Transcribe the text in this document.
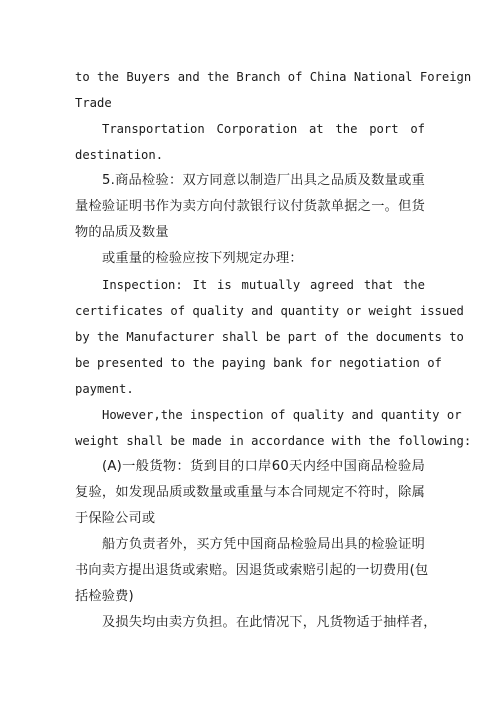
to the Buyers and the Branch of China National Foreign
Trade
Transportation Corporation at the port of
destination.
5.商品检验：双方同意以制造厂出具之品质及数量或重
量检验证明书作为卖方向付款银行议付货款单据之一。但货
物的品质及数量
或重量的检验应按下列规定办理：
Inspection: It is mutually agreed that the
certificates of quality and quantity or weight issued
by the Manufacturer shall be part of the documents to
be presented to the paying bank for negotiation of
payment.
However,the inspection of quality and quantity or
weight shall be made in accordance with the following:
(A)一般货物：货到目的口岸60天内经中国商品检验局
复验，如发现品质或数量或重量与本合同规定不符时，除属
于保险公司或
船方负责者外，买方凭中国商品检验局出具的检验证明
书向卖方提出退货或索赔。因退货或索赔引起的一切费用(包
括检验费)
及损失均由卖方负担。在此情况下，凡货物适于抽样者，
